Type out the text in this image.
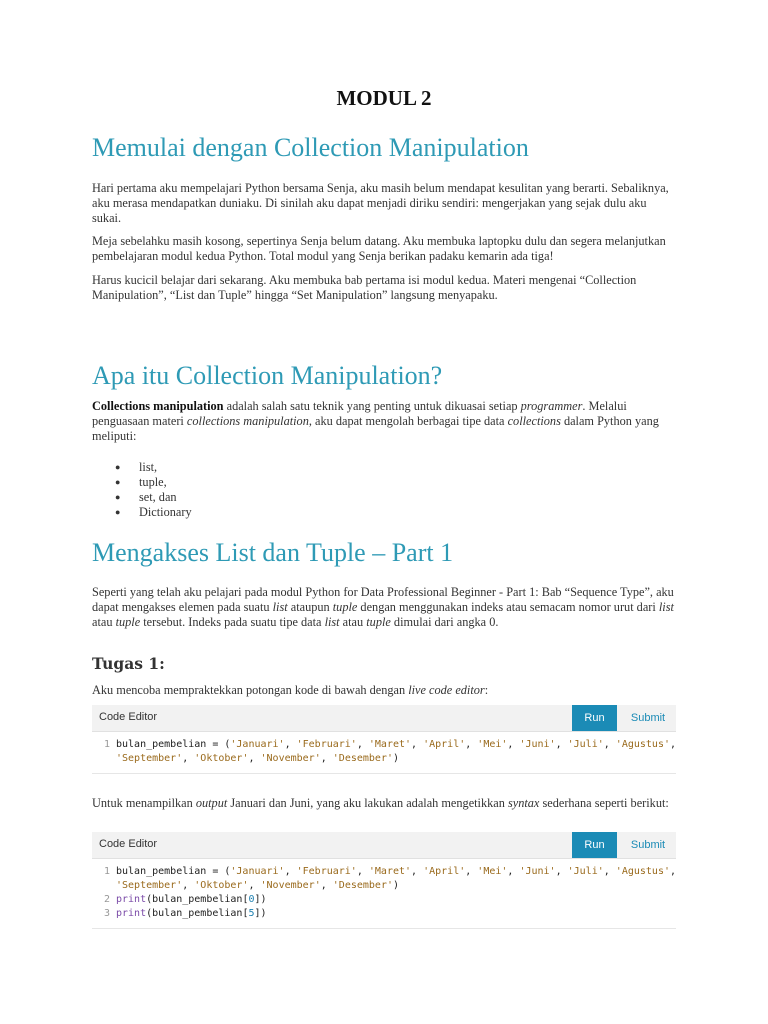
MODUL 2
Memulai dengan Collection Manipulation

Hari pertama aku mempelajari Python bersama Senja, aku masih belum mendapat kesulitan yang berarti. Sebaliknya, aku merasa mendapatkan duniaku. Di sinilah aku dapat menjadi diriku sendiri: mengerjakan yang sejak dulu aku sukai.

Meja sebelahku masih kosong, sepertinya Senja belum datang. Aku membuka laptopku dulu dan segera melanjutkan pembelajaran modul kedua Python. Total modul yang Senja berikan padaku kemarin ada tiga!

Harus kucicil belajar dari sekarang. Aku membuka bab pertama isi modul kedua. Materi mengenai “Collection Manipulation”, “List dan Tuple” hingga “Set Manipulation” langsung menyapaku.

Apa itu Collection Manipulation?

Collections manipulation adalah salah satu teknik yang penting untuk dikuasai setiap programmer. Melalui penguasaan materi collections manipulation, aku dapat mengolah berbagai tipe data collections dalam Python yang meliputi:

● list,
● tuple,
● set, dan
● Dictionary
Mengakses List dan Tuple – Part 1

Seperti yang telah aku pelajari pada modul Python for Data Professional Beginner - Part 1: Bab “Sequence Type”, aku dapat mengakses elemen pada suatu list ataupun tuple dengan menggunakan indeks atau semacam nomor urut dari list atau tuple tersebut. Indeks pada suatu tipe data list atau tuple dimulai dari angka 0.

Tugas 1:

Aku mencoba mempraktekkan potongan kode di bawah dengan live code editor:

Code Editor	Run	Submit
1 bulan_pembelian = ('Januari', 'Februari', 'Maret', 'April', 'Mei', 'Juni', 'Juli', 'Agustus',
'September', 'Oktober', 'November', 'Desember')

Untuk menampilkan output Januari dan Juni, yang aku lakukan adalah mengetikkan syntax sederhana seperti berikut:

Code Editor	Run	Submit
1 bulan_pembelian = ('Januari', 'Februari', 'Maret', 'April', 'Mei', 'Juni', 'Juli', 'Agustus',
'September', 'Oktober', 'November', 'Desember')
2 print(bulan_pembelian[0])
3 print(bulan_pembelian[5])
